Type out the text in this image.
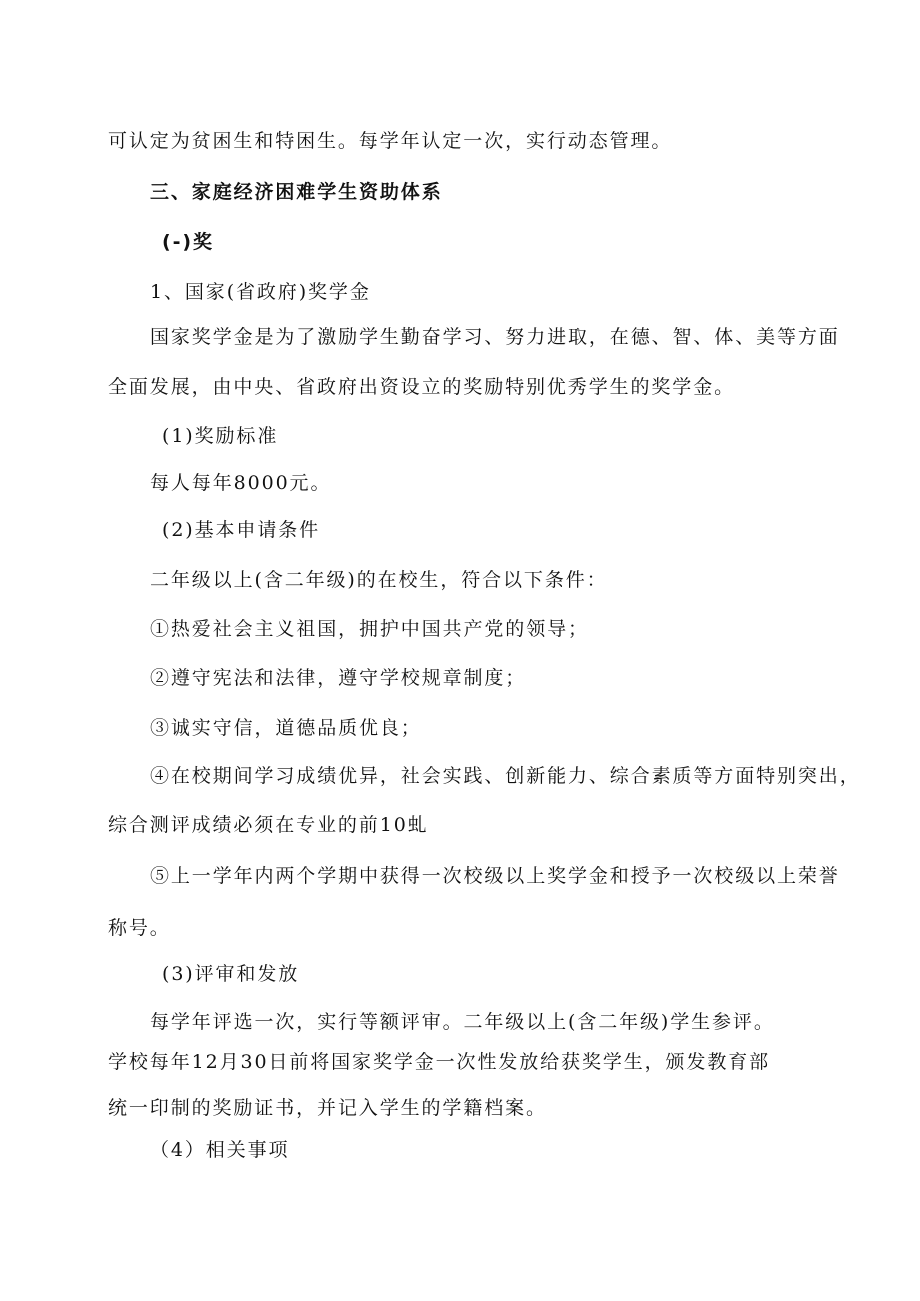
可认定为贫困生和特困生。每学年认定一次，实行动态管理。
三、家庭经济困难学生资助体系
(-)奖
1、国家(省政府)奖学金
国家奖学金是为了激励学生勤奋学习、努力进取，在德、智、体、美等方面
全面发展，由中央、省政府出资设立的奖励特别优秀学生的奖学金。
(1)奖励标准
每人每年8000元。
(2)基本申请条件
二年级以上(含二年级)的在校生，符合以下条件：
①热爱社会主义祖国，拥护中国共产党的领导；
②遵守宪法和法律，遵守学校规章制度；
③诚实守信，道德品质优良；
④在校期间学习成绩优异，社会实践、创新能力、综合素质等方面特别突出，
综合测评成绩必须在专业的前10虬
⑤上一学年内两个学期中获得一次校级以上奖学金和授予一次校级以上荣誉
称号。
(3)评审和发放
每学年评选一次，实行等额评审。二年级以上(含二年级)学生参评。
学校每年12月30日前将国家奖学金一次性发放给获奖学生，颁发教育部
统一印制的奖励证书，并记入学生的学籍档案。
（4）相关事项
